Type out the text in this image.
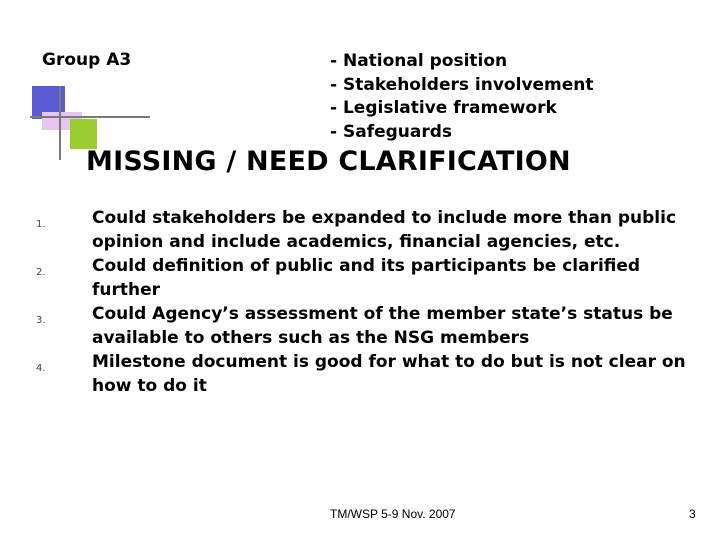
Group A3	- National position
- Stakeholders involvement
- Legislative framework
- Safeguards
MISSING / NEED CLARIFICATION
1.	Could stakeholders be expanded to include more than public opinion and include academics, financial agencies, etc.
2.	Could definition of public and its participants be clarified further
3.	Could Agency’s assessment of the member state’s status be available to others such as the NSG members
4.	Milestone document is good for what to do but is not clear on how to do it
TM/WSP 5-9 Nov. 2007	3
